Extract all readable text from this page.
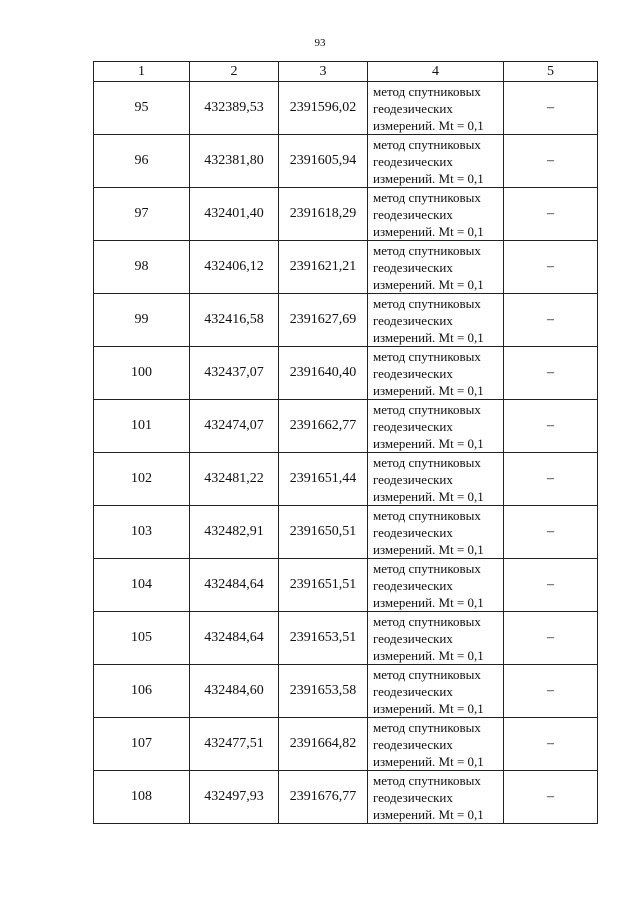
93
1	2	3	4	5
95	432389,53	2391596,02	метод спутниковых
геодезических
измерений. Mt = 0,1	–
96	432381,80	2391605,94	метод спутниковых
геодезических
измерений. Mt = 0,1	–
97	432401,40	2391618,29	метод спутниковых
геодезических
измерений. Mt = 0,1	–
98	432406,12	2391621,21	метод спутниковых
геодезических
измерений. Mt = 0,1	–
99	432416,58	2391627,69	метод спутниковых
геодезических
измерений. Mt = 0,1	–
100	432437,07	2391640,40	метод спутниковых
геодезических
измерений. Mt = 0,1	–
101	432474,07	2391662,77	метод спутниковых
геодезических
измерений. Mt = 0,1	–
102	432481,22	2391651,44	метод спутниковых
геодезических
измерений. Mt = 0,1	–
103	432482,91	2391650,51	метод спутниковых
геодезических
измерений. Mt = 0,1	–
104	432484,64	2391651,51	метод спутниковых
геодезических
измерений. Mt = 0,1	–
105	432484,64	2391653,51	метод спутниковых
геодезических
измерений. Mt = 0,1	–
106	432484,60	2391653,58	метод спутниковых
геодезических
измерений. Mt = 0,1	–
107	432477,51	2391664,82	метод спутниковых
геодезических
измерений. Mt = 0,1	–
108	432497,93	2391676,77	метод спутниковых
геодезических
измерений. Mt = 0,1	–
